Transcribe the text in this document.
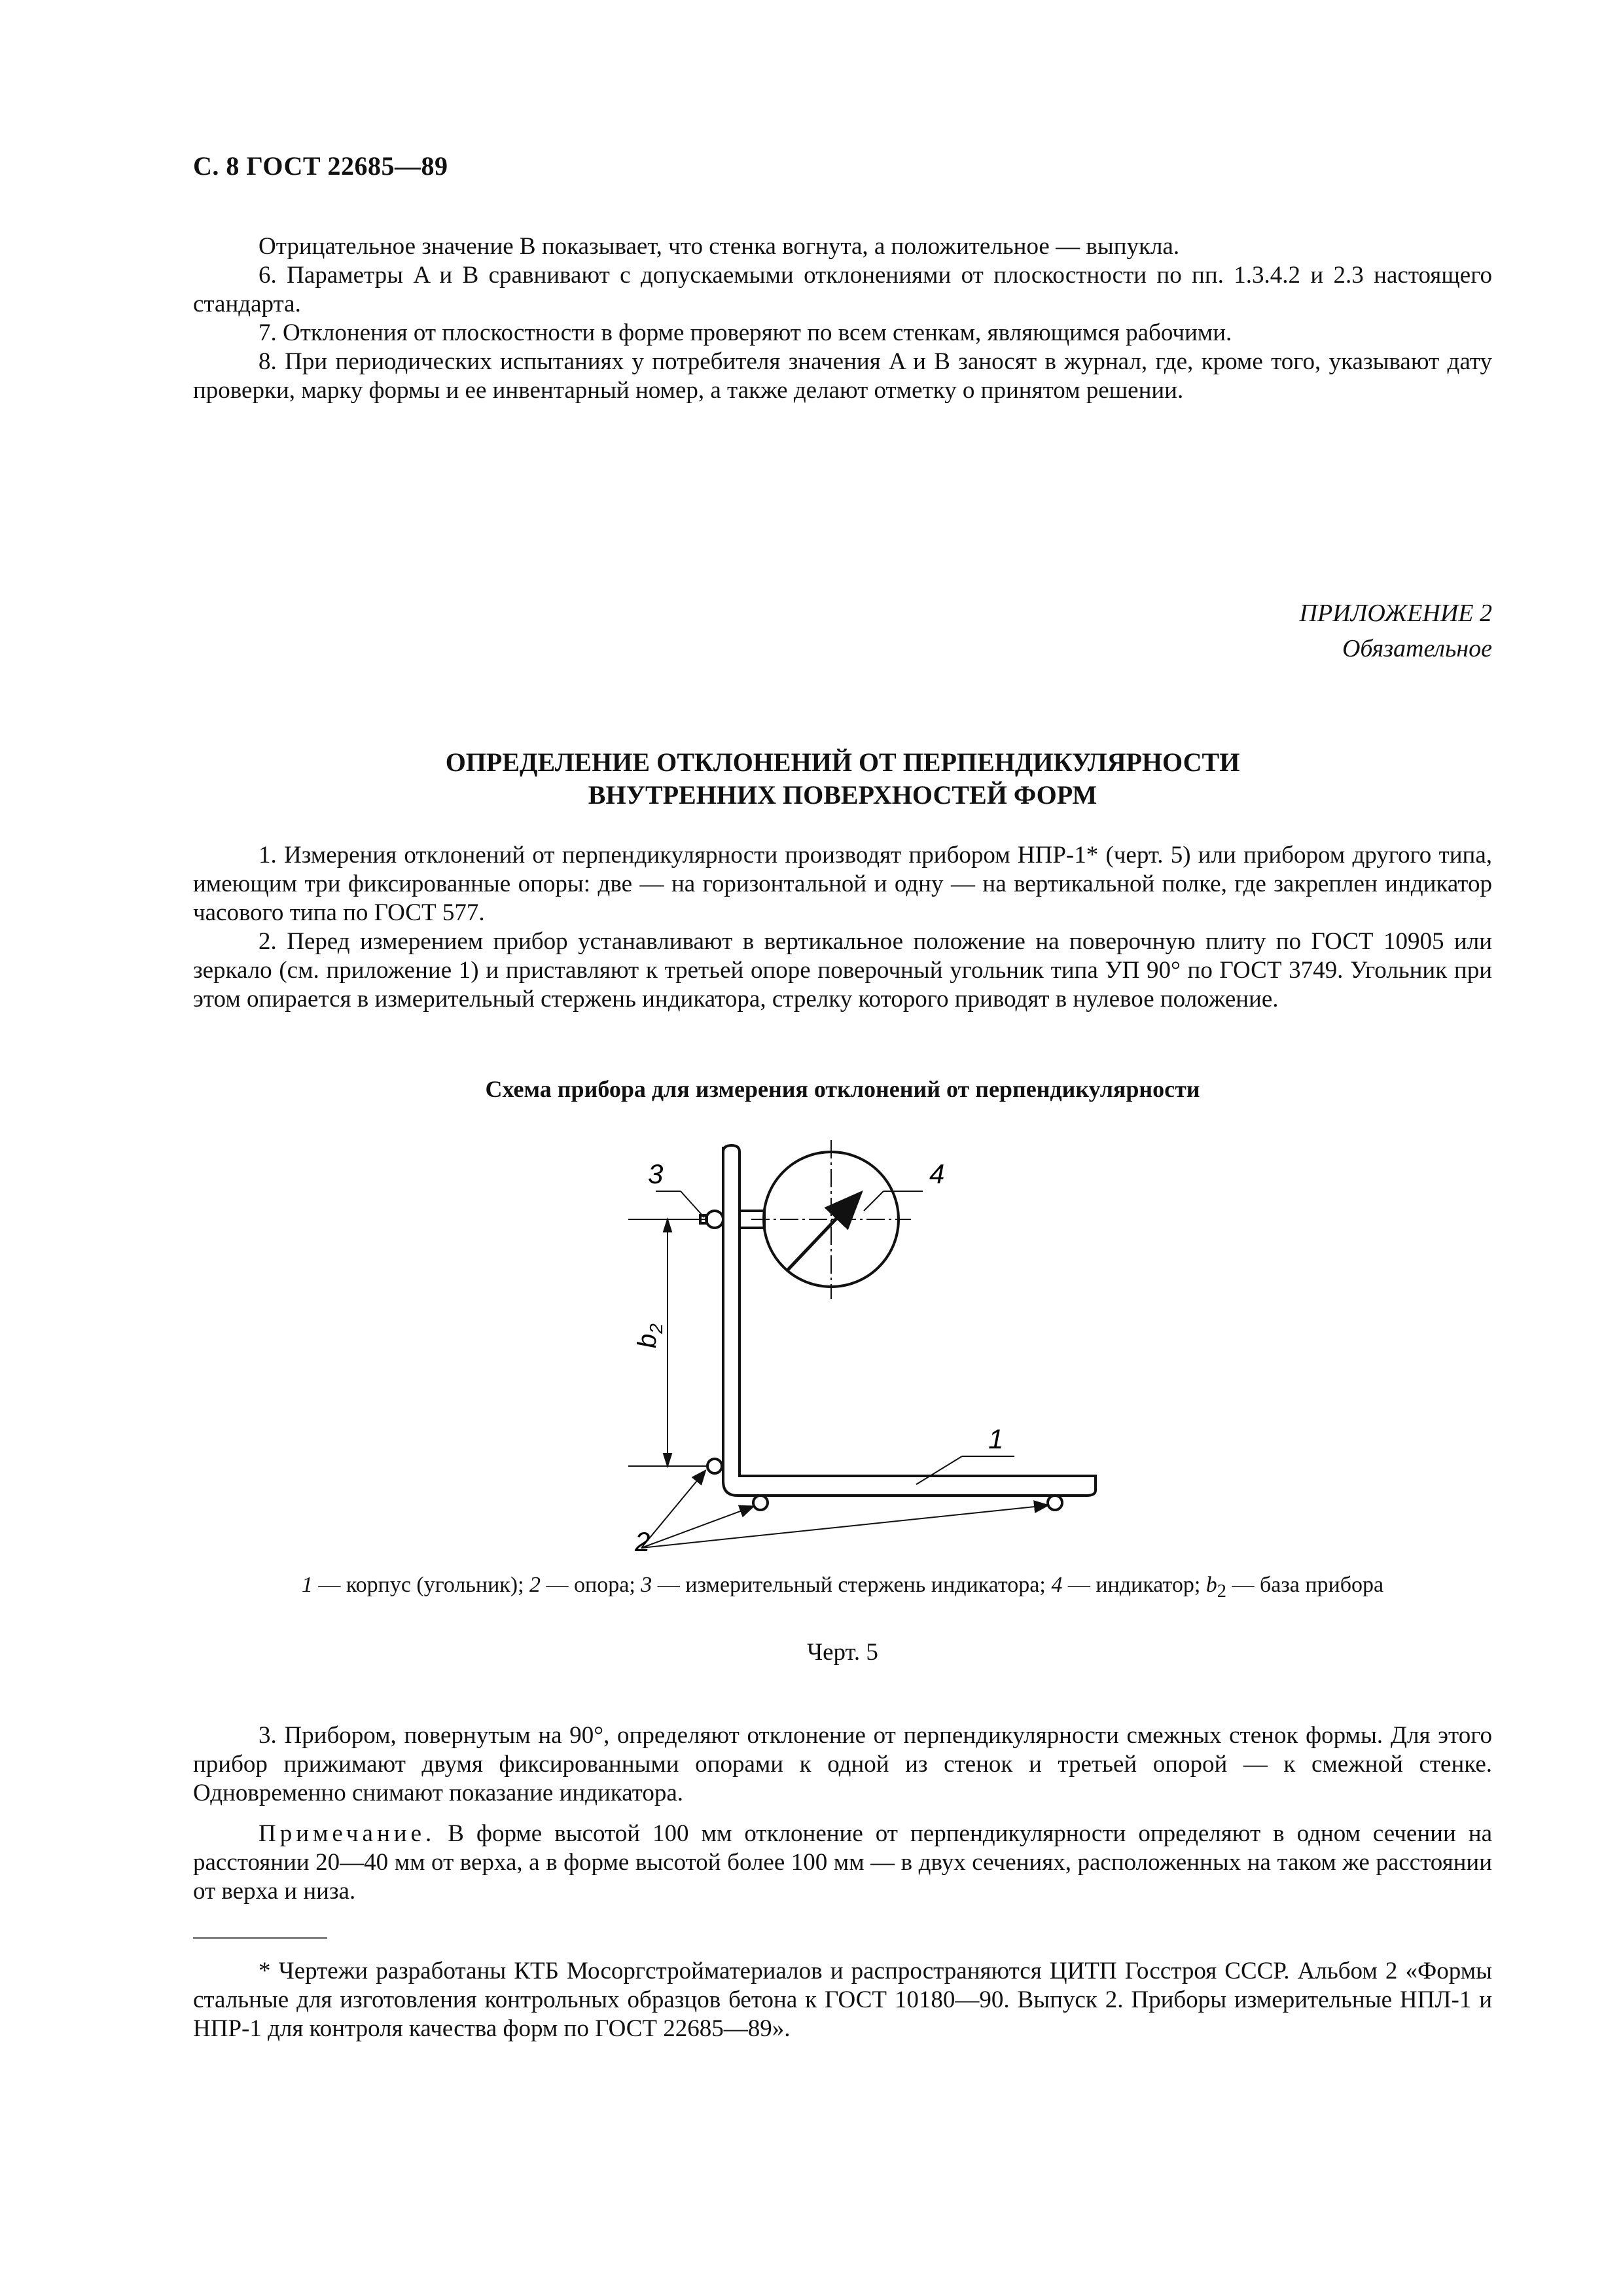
С. 8 ГОСТ 22685—89

Отрицательное значение B показывает, что стенка вогнута, а положительное — выпукла.

6. Параметры A и B сравнивают с допускаемыми отклонениями от плоскостности по пп. 1.3.4.2 и 2.3 настоящего стандарта.

7. Отклонения от плоскостности в форме проверяют по всем стенкам, являющимся рабочими.

8. При периодических испытаниях у потребителя значения A и B заносят в журнал, где, кроме того, указывают дату проверки, марку формы и ее инвентарный номер, а также делают отметку о принятом решении.

ПРИЛОЖЕНИЕ 2
Обязательное
ОПРЕДЕЛЕНИЕ ОТКЛОНЕНИЙ ОТ ПЕРПЕНДИКУЛЯРНОСТИ
ВНУТРЕННИХ ПОВЕРХНОСТЕЙ ФОРМ

1. Измерения отклонений от перпендикулярности производят прибором НПР-1* (черт. 5) или прибором другого типа, имеющим три фиксированные опоры: две — на горизонтальной и одну — на вертикальной полке, где закреплен индикатор часового типа по ГОСТ 577.

2. Перед измерением прибор устанавливают в вертикальное положение на поверочную плиту по ГОСТ 10905 или зеркало (см. приложение 1) и приставляют к третьей опоре поверочный угольник типа УП 90° по ГОСТ 3749. Угольник при этом опирается в измерительный стержень индикатора, стрелку которого приводят в нулевое положение.

Схема прибора для измерения отклонений от перпендикулярности
3	4
1
2
$b_2$
1 — корпус (угольник); 2 — опора; 3 — измерительный стержень индикатора; 4 — индикатор; $b_2$ — база прибора
Черт. 5

3. Прибором, повернутым на 90°, определяют отклонение от перпендикулярности смежных стенок формы. Для этого прибор прижимают двумя фиксированными опорами к одной из стенок и третьей опорой — к смежной стенке. Одновременно снимают показание индикатора.

Примечание. В форме высотой 100 мм отклонение от перпендикулярности определяют в одном сечении на расстоянии 20—40 мм от верха, а в форме высотой более 100 мм — в двух сечениях, расположенных на таком же расстоянии от верха и низа.

* Чертежи разработаны КТБ Мосоргстройматериалов и распространяются ЦИТП Госстроя СССР. Альбом 2 «Формы стальные для изготовления контрольных образцов бетона к ГОСТ 10180—90. Выпуск 2. Приборы измерительные НПЛ-1 и НПР-1 для контроля качества форм по ГОСТ 22685—89».
